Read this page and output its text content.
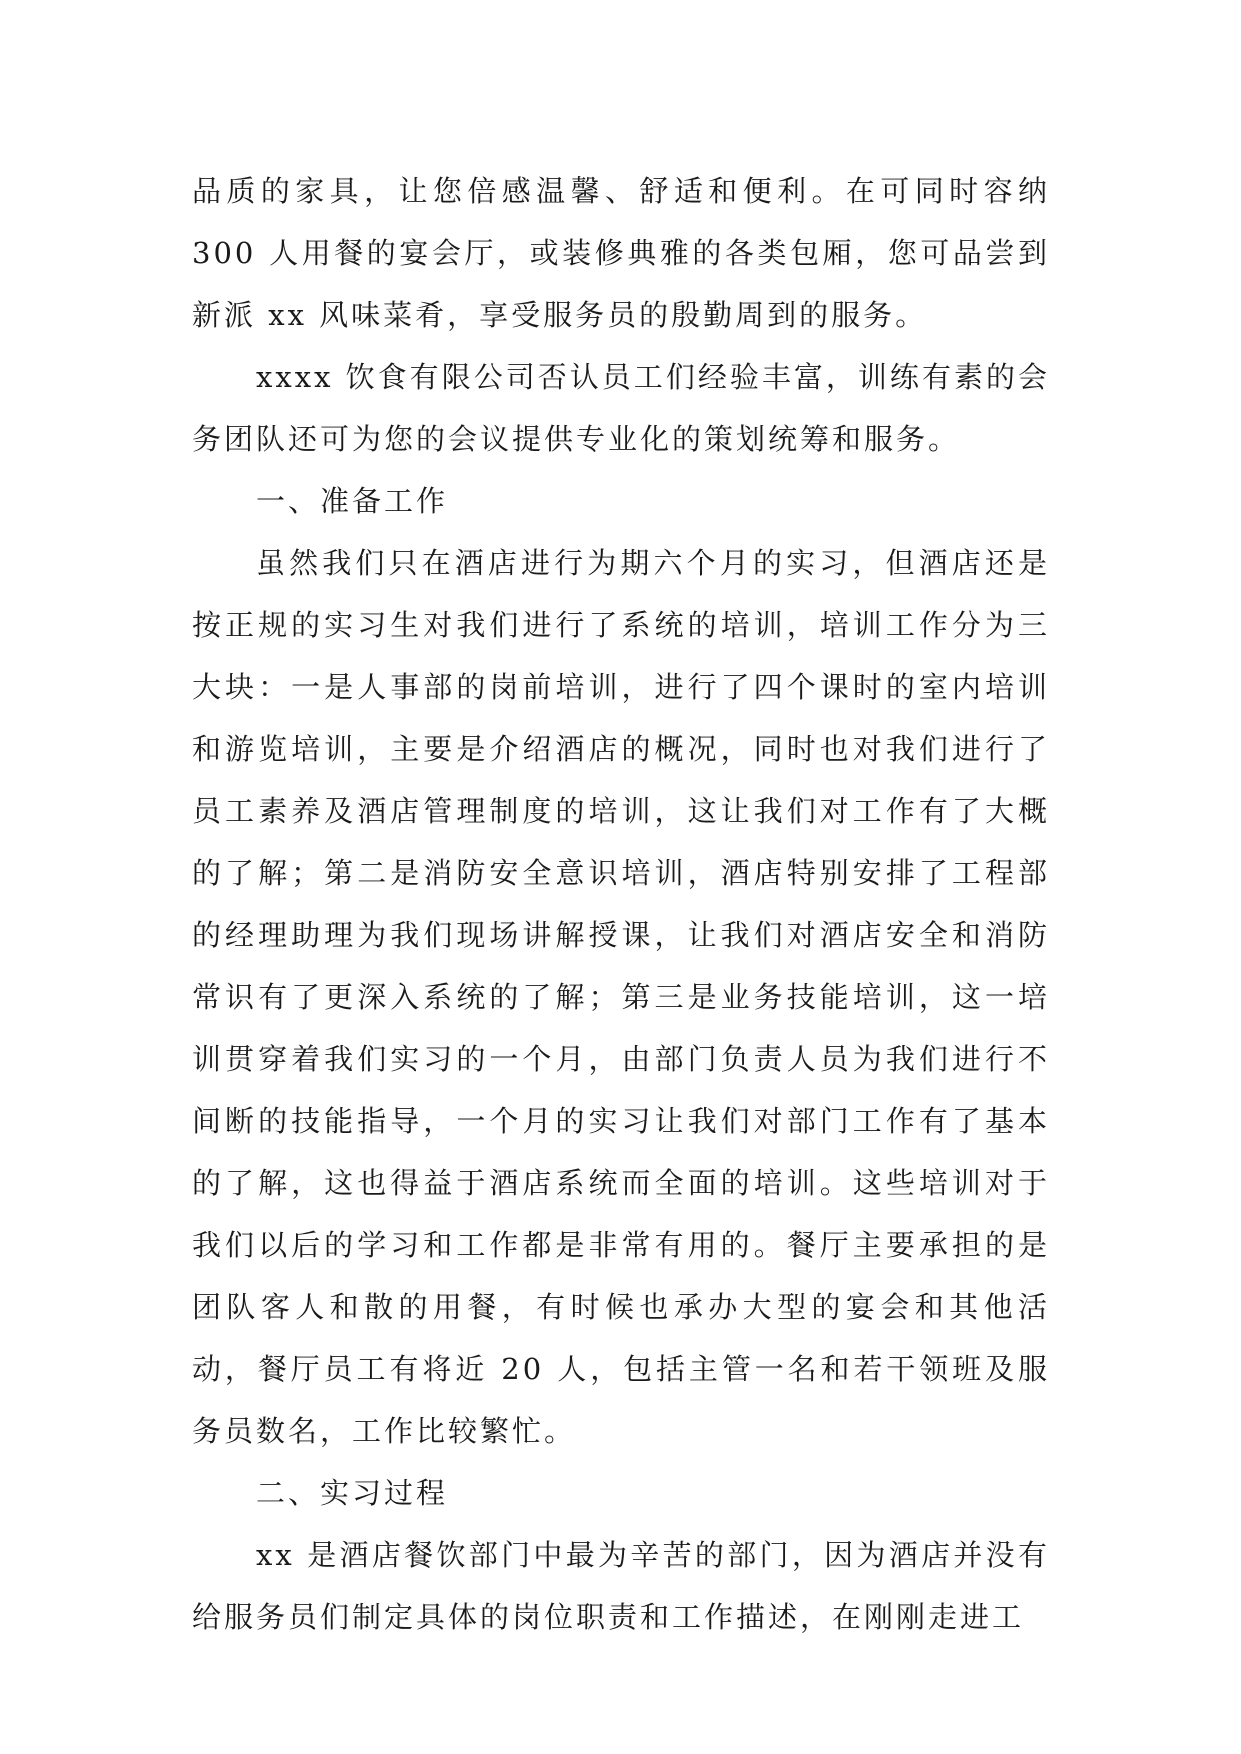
品质的家具，让您倍感温馨、舒适和便利。在可同时容纳 300 人用餐的宴会厅，或装修典雅的各类包厢，您可品尝到新派 xx 风味菜肴，享受服务员的殷勤周到的服务。

xxxx 饮食有限公司否认员工们经验丰富，训练有素的会务团队还可为您的会议提供专业化的策划统筹和服务。

一、准备工作

虽然我们只在酒店进行为期六个月的实习，但酒店还是按正规的实习生对我们进行了系统的培训，培训工作分为三大块：一是人事部的岗前培训，进行了四个课时的室内培训和游览培训，主要是介绍酒店的概况，同时也对我们进行了员工素养及酒店管理制度的培训，这让我们对工作有了大概的了解；第二是消防安全意识培训，酒店特别安排了工程部的经理助理为我们现场讲解授课，让我们对酒店安全和消防常识有了更深入系统的了解；第三是业务技能培训，这一培训贯穿着我们实习的一个月，由部门负责人员为我们进行不间断的技能指导，一个月的实习让我们对部门工作有了基本的了解，这也得益于酒店系统而全面的培训。这些培训对于我们以后的学习和工作都是非常有用的。餐厅主要承担的是团队客人和散的用餐，有时候也承办大型的宴会和其他活动，餐厅员工有将近 20 人，包括主管一名和若干领班及服务员数名，工作比较繁忙。

二、实习过程

xx 是酒店餐饮部门中最为辛苦的部门，因为酒店并没有给服务员们制定具体的岗位职责和工作描述，在刚刚走进工
